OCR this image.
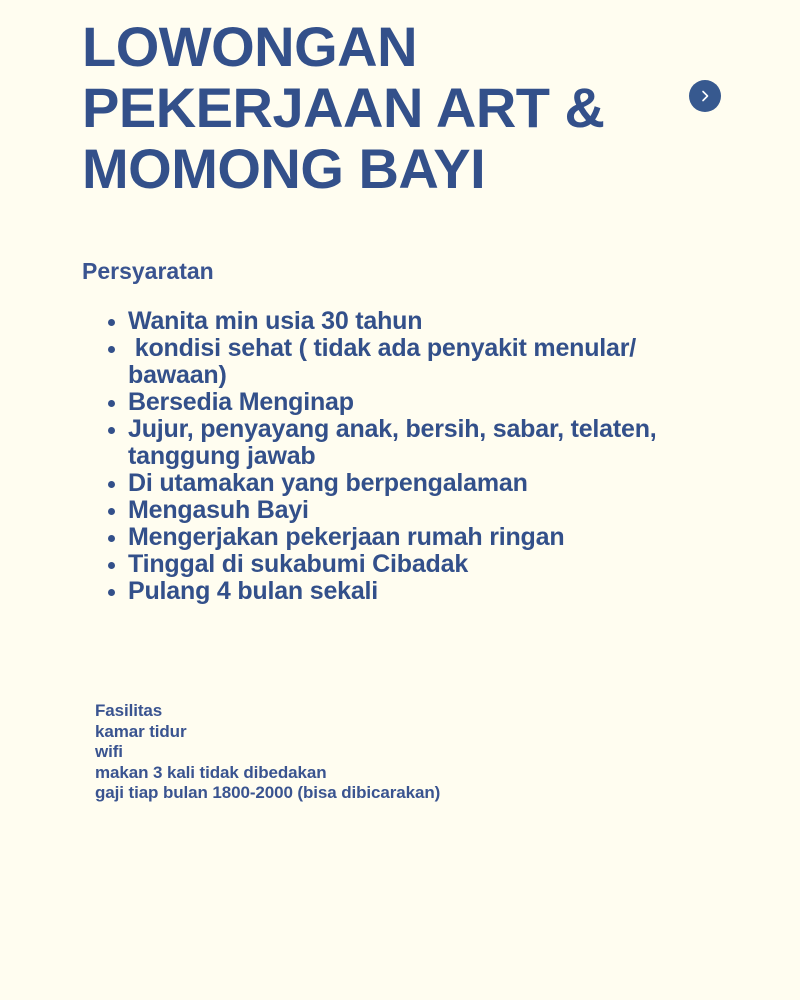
LOWONGAN
PEKERJAAN ART &
MOMONG BAYI
Persyaratan
Wanita min usia 30 tahun
kondisi sehat ( tidak ada penyakit menular/ bawaan)
Bersedia Menginap
Jujur, penyayang anak, bersih, sabar, telaten, tanggung jawab
Di utamakan yang berpengalaman
Mengasuh Bayi
Mengerjakan pekerjaan rumah ringan
Tinggal di sukabumi Cibadak
Pulang 4 bulan sekali
Fasilitas
kamar tidur
wifi
makan 3 kali tidak dibedakan
gaji tiap bulan 1800-2000 (bisa dibicarakan)
